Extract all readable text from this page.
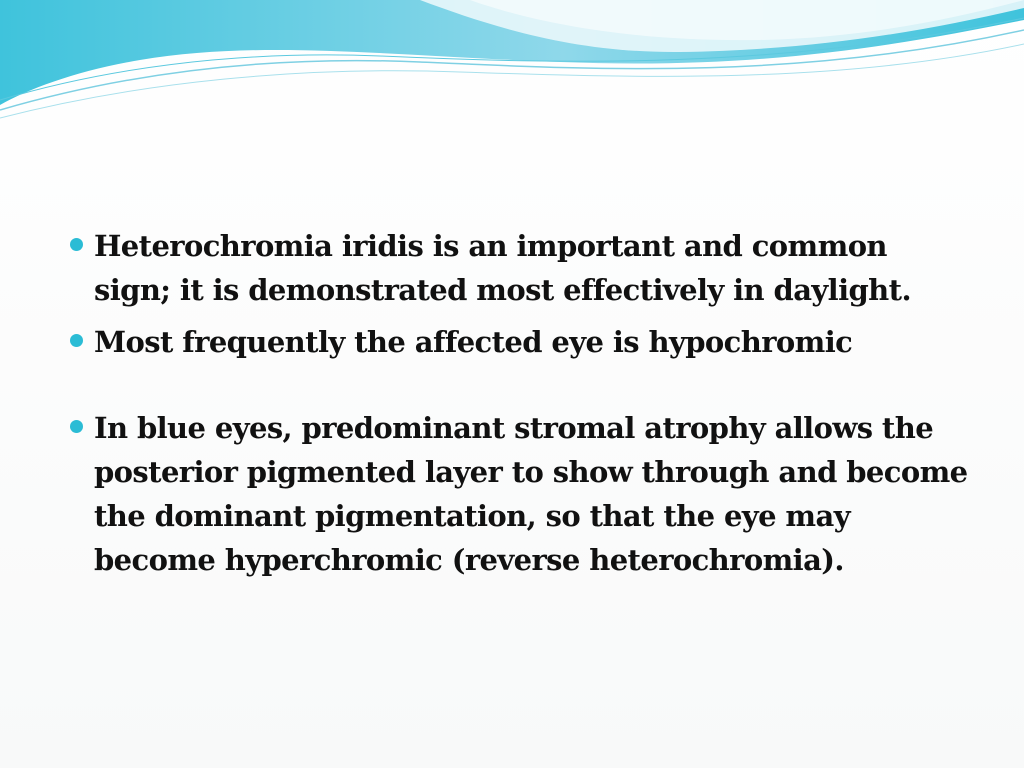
Heterochromia iridis is an important and common sign; it is demonstrated most effectively in daylight.
Most frequently the affected eye is hypochromic
In blue eyes, predominant stromal atrophy allows the posterior pigmented layer to show through and become the dominant pigmentation, so that the eye may become hyperchromic (reverse heterochromia).
